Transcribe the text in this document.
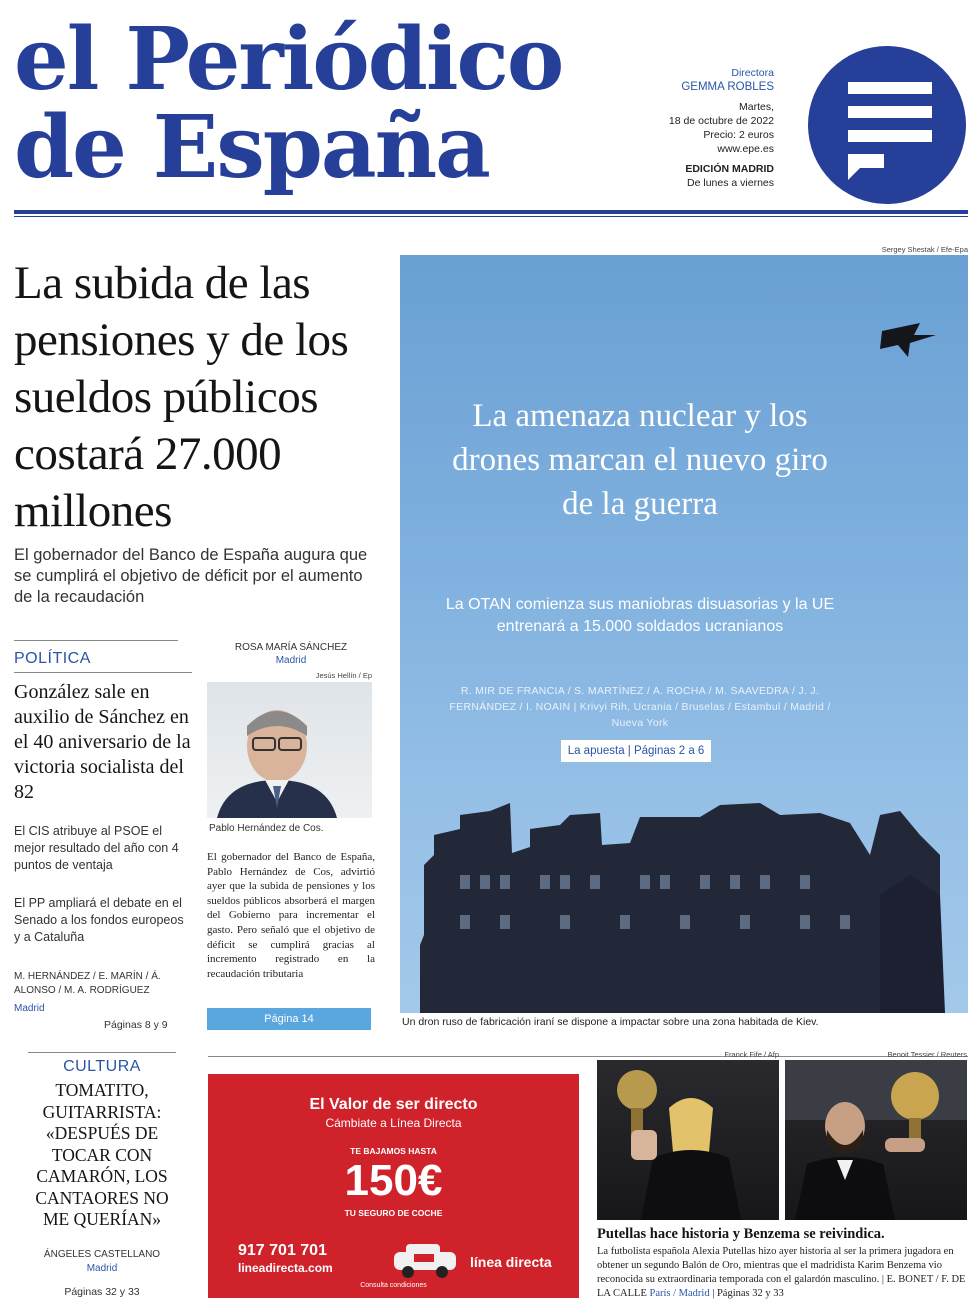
el Periódico
de España
Directora
GEMMA ROBLES
Martes,
18 de octubre de 2022
Precio: 2 euros
www.epe.es
EDICIÓN MADRID
De lunes a viernes
La subida de las pensiones y de los sueldos públicos costará 27.000 millones
El gobernador del Banco de España augura que se cumplirá el objetivo de déficit por el aumento de la recaudación
POLÍTICA
González sale en auxilio de Sánchez en el 40 aniversario de la victoria socialista del 82
El CIS atribuye al PSOE el mejor resultado del año con 4 puntos de ventaja
El PP ampliará el debate en el Senado a los fondos europeos y a Cataluña
M. HERNÁNDEZ / E. MARÍN / Á. ALONSO / M. A. RODRÍGUEZ
Madrid
Páginas 8 y 9
ROSA MARÍA SÁNCHEZ
Madrid
Jesús Hellín / Ep
Pablo Hernández de Cos.
El gobernador del Banco de España, Pablo Hernández de Cos, advirtió ayer que la subida de pensiones y los sueldos públicos absorberá el margen del Gobierno para incrementar el gasto. Pero señaló que el objetivo de déficit se cumplirá gracias al incremento registrado en la recaudación tributaria
Página 14
Sergey Shestak / Efe-Epa
La amenaza nuclear y los drones marcan el nuevo giro de la guerra
La OTAN comienza sus maniobras disuasorias y la UE entrenará a 15.000 soldados ucranianos
R. MIR DE FRANCIA / S. MARTÍNEZ / A. ROCHA / M. SAAVEDRA / J. J. FERNÁNDEZ / I. NOAIN | Krivyi Rih, Ucrania / Bruselas / Estambul / Madrid / Nueva York
La apuesta | Páginas 2 a 6
Un dron ruso de fabricación iraní se dispone a impactar sobre una zona habitada de Kiev.
CULTURA
TOMATITO, GUITARRISTA: «DESPUÉS DE TOCAR CON CAMARÓN, LOS CANTAORES NO ME QUERÍAN»
ÁNGELES CASTELLANO
Madrid
Páginas 32 y 33
El Valor de ser directo
Cámbiate a Línea Directa
TE BAJAMOS HASTA
150€
TU SEGURO DE COCHE
917 701 701
lineadirecta.com	línea directa
Consulta condiciones
Franck Fife / Afp	Benoit Tessier / Reuters
Putellas hace historia y Benzema se reivindica.
La futbolista española Alexia Putellas hizo ayer historia al ser la primera jugadora en obtener un segundo Balón de Oro, mientras que el madridista Karim Benzema vio reconocida su extraordinaria temporada con el galardón masculino. | E. BONET / F. DE LA CALLE París / Madrid | Páginas 32 y 33
